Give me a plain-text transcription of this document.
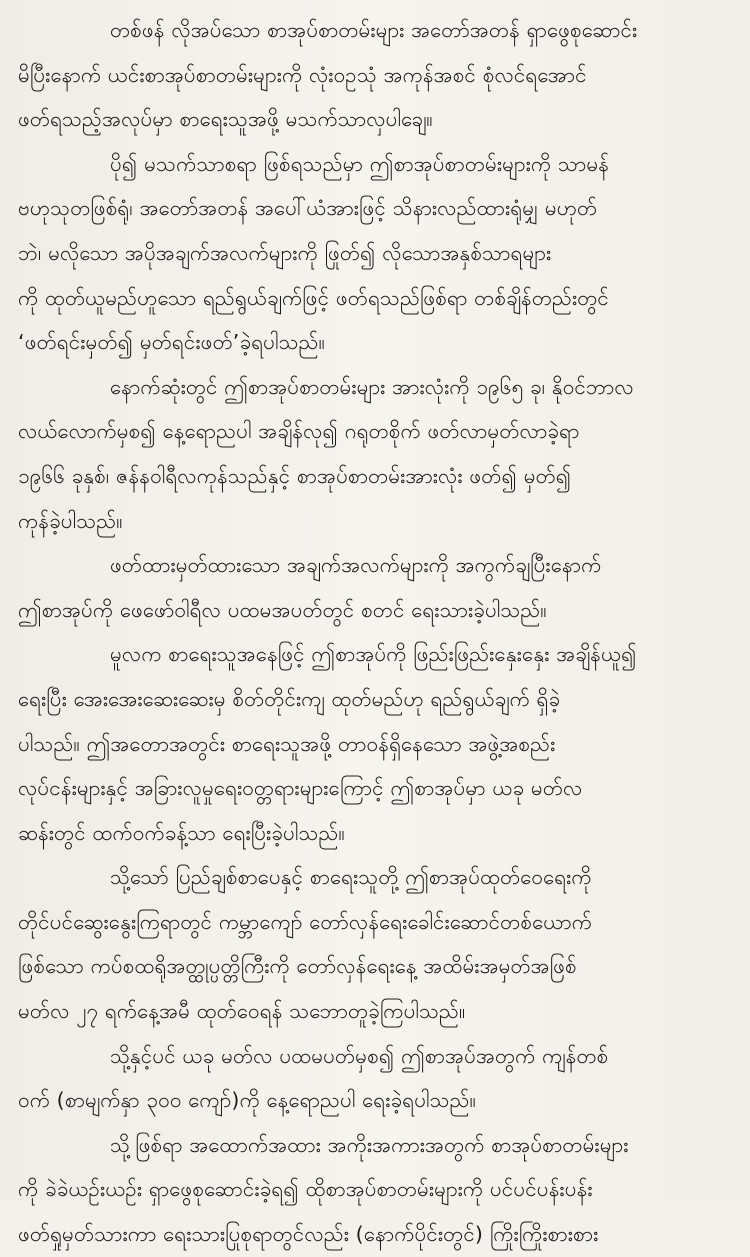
တစ်ဖန် လိုအပ်သော စာအုပ်စာတမ်းများ အတော်အတန် ရှာဖွေစုဆောင်း
မိပြီးနောက် ယင်းစာအုပ်စာတမ်းများကို လုံးဝဥသုံ အကုန်အစင် စုံလင်ရအောင်
ဖတ်ရသည့်အလုပ်မှာ စာရေးသူအဖို့ မသက်သာလှပါချေ။
ပို၍ မသက်သာစရာ ဖြစ်ရသည်မှာ ဤစာအုပ်စာတမ်းများကို သာမန်
ဗဟုသုတဖြစ်ရုံ၊ အတော်အတန် အပေါ်ယံအားဖြင့် သိနားလည်ထားရုံမျှ မဟုတ်
ဘဲ၊ မလိုသော အပိုအချက်အလက်များကို ဖြုတ်၍ လိုသောအနှစ်သာရများ
ကို ထုတ်ယူမည်ဟူသော ရည်ရွယ်ချက်ဖြင့် ဖတ်ရသည်ဖြစ်ရာ တစ်ချိန်တည်းတွင်
‘ဖတ်ရင်းမှတ်၍ မှတ်ရင်းဖတ်’ခဲ့ရပါသည်။
နောက်ဆုံးတွင် ဤစာအုပ်စာတမ်းများ အားလုံးကို ၁၉၆၅ ခု၊ နိုဝင်ဘာလ
လယ်လောက်မှစ၍ နေ့ရောညပါ အချိန်လု၍ ဂရုတစိုက် ဖတ်လာမှတ်လာခဲ့ရာ
၁၉၆၆ ခုနှစ်၊ ဇန်နဝါရီလကုန်သည်နှင့် စာအုပ်စာတမ်းအားလုံး ဖတ်၍ မှတ်၍
ကုန်ခဲ့ပါသည်။
ဖတ်ထားမှတ်ထားသော အချက်အလက်များကို အကွက်ချပြီးနောက်
ဤစာအုပ်ကို ဖေဖော်ဝါရီလ ပထမအပတ်တွင် စတင် ရေးသားခဲ့ပါသည်။
မူလက စာရေးသူအနေဖြင့် ဤစာအုပ်ကို ဖြည်းဖြည်းနှေးနှေး အချိန်ယူ၍
ရေးပြီး အေးအေးဆေးဆေးမှ စိတ်တိုင်းကျ ထုတ်မည်ဟု ရည်ရွယ်ချက် ရှိခဲ့
ပါသည်။ ဤအတောအတွင်း စာရေးသူအဖို့ တာဝန်ရှိနေသော အဖွဲ့အစည်း
လုပ်ငန်းများနှင့် အခြားလူမှုရေးဝတ္တရားများကြောင့် ဤစာအုပ်မှာ ယခု မတ်လ
ဆန်းတွင် ထက်ဝက်ခန့်သာ ရေးပြီးခဲ့ပါသည်။
သို့သော် ပြည်ချစ်စာပေနှင့် စာရေးသူတို့ ဤစာအုပ်ထုတ်ဝေရေးကို
တိုင်ပင်ဆွေးနွေးကြရာတွင် ကမ္ဘာကျော် တော်လှန်ရေးခေါင်းဆောင်တစ်ယောက်
ဖြစ်သော ကပ်စထရိုအတ္ထုပ္ပတ္တိကြီးကို တော်လှန်ရေးနေ့ အထိမ်းအမှတ်အဖြစ်
မတ်လ ၂၇ ရက်နေ့အမီ ထုတ်ဝေရန် သဘောတူခဲ့ကြပါသည်။
သို့နှင့်ပင် ယခု မတ်လ ပထမပတ်မှစ၍ ဤစာအုပ်အတွက် ကျန်တစ်
ဝက် (စာမျက်နှာ ၃၀၀ ကျော်)ကို နေ့ရောညပါ ရေးခဲ့ရပါသည်။
သို့ဖြစ်ရာ အထောက်အထား အကိုးအကားအတွက် စာအုပ်စာတမ်းများ
ကို ခဲခဲယဉ်းယဉ်း ရှာဖွေစုဆောင်းခဲ့ရ၍ ထိုစာအုပ်စာတမ်းများကို ပင်ပင်ပန်းပန်း
ဖတ်ရှုမှတ်သားကာ ရေးသားပြုစုရာတွင်လည်း (နောက်ပိုင်းတွင်) ကြိုးကြိုးစားစား
